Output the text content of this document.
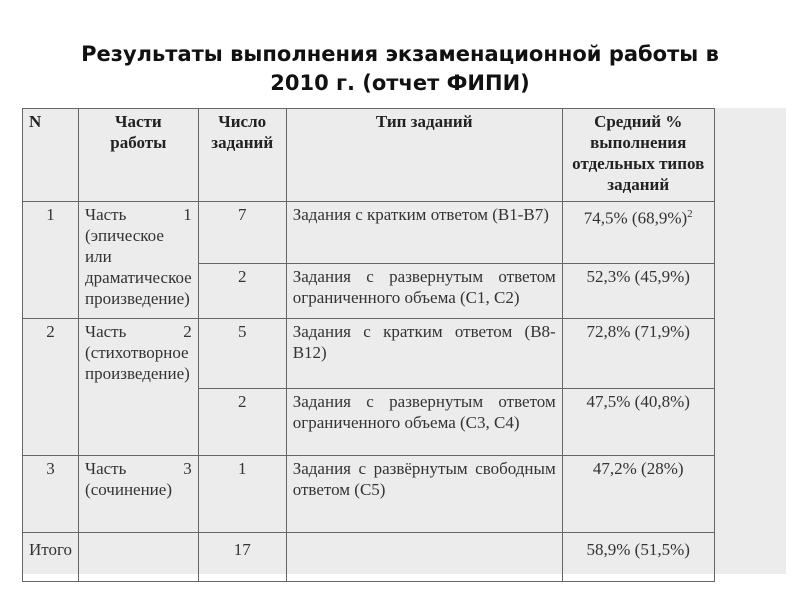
Результаты выполнения экзаменационной работы в
2010 г. (отчет ФИПИ)
N	Части работы	Число заданий	Тип заданий	Средний % выполнения отдельных типов заданий
1	Часть 1 (эпическое или драматическое произведение)	7	Задания с кратким ответом (В1-В7)	74,5% $(68,9\%)^2$
		2	Задания с развернутым ответом ограниченного объема (С1, С2)	52,3% (45,9%)
2	Часть 2 (стихотворное произведение)	5	Задания с кратким ответом (В8-В12)	72,8% (71,9%)
		2	Задания с развернутым ответом ограниченного объема (С3, С4)	47,5% (40,8%)
3	Часть 3 (сочинение)	1	Задания с развёрнутым свободным ответом (С5)	47,2% (28%)
Итого		17		58,9% (51,5%)
